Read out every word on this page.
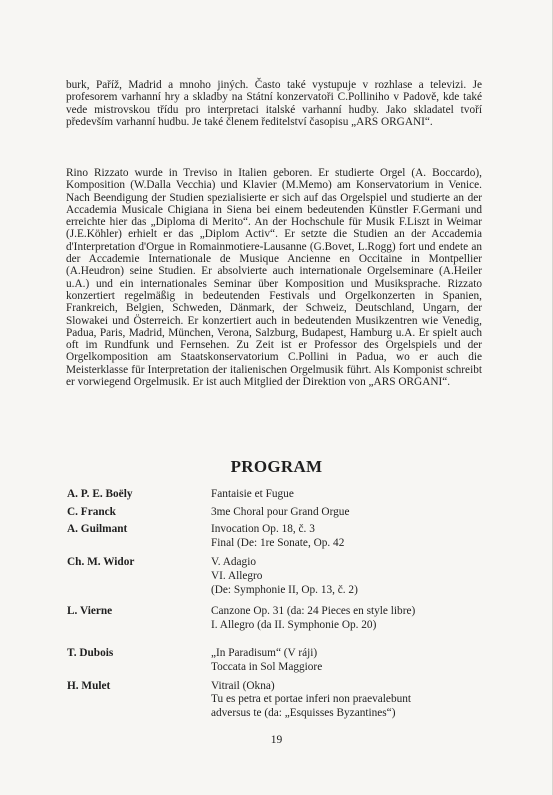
burk, Paříž, Madrid a mnoho jiných. Často také vystupuje v rozhlase a televizi. Je profesorem varhanní hry a skladby na Státní konzervatoři C.Polliniho v Padově, kde také vede mistrovskou třídu pro interpretaci italské varhanní hudby. Jako skladatel tvoří především varhanní hudbu. Je také členem ředitelství časopisu „ARS ORGANI“.

Rino Rizzato wurde in Treviso in Italien geboren. Er studierte Orgel (A. Boccardo), Komposition (W.Dalla Vecchia) und Klavier (M.Memo) am Konservatorium in Venice. Nach Beendigung der Studien spezialisierte er sich auf das Orgelspiel und studierte an der Accademia Musicale Chigiana in Siena bei einem bedeutenden Künstler F.Germani und erreichte hier das „Diploma di Merito“. An der Hochschule für Musik F.Liszt in Weimar (J.E.Köhler) erhielt er das „Diplom Activ“. Er setzte die Studien an der Accademia d'Interpretation d'Orgue in Romainmotiere-Lausanne (G.Bovet, L.Rogg) fort und endete an der Accademie Internationale de Musique Ancienne en Occitaine in Montpellier (A.Heudron) seine Studien. Er absolvierte auch internationale Orgelseminare (A.Heiler u.A.) und ein internationales Seminar über Komposition und Musiksprache. Rizzato konzertiert regelmäßig in bedeutenden Festivals und Orgelkonzerten in Spanien, Frankreich, Belgien, Schweden, Dänmark, der Schweiz, Deutschland, Ungarn, der Slowakei und Österreich. Er konzertiert auch in bedeutenden Musikzentren wie Venedig, Padua, Paris, Madrid, München, Verona, Salzburg, Budapest, Hamburg u.A. Er spielt auch oft im Rundfunk und Fernsehen. Zu Zeit ist er Professor des Orgelspiels und der Orgelkomposition am Staatskonservatorium C.Pollini in Padua, wo er auch die Meisterklasse für Interpretation der italienischen Orgelmusik führt. Als Komponist schreibt er vorwiegend Orgelmusik. Er ist auch Mitglied der Direktion von „ARS ORGANI“.

PROGRAM
A. P. E. Boëly	Fantaisie et Fugue
C. Franck	3me Choral pour Grand Orgue
A. Guilmant	Invocation Op. 18, č. 3
Final (De: 1re Sonate, Op. 42
Ch. M. Widor	V. Adagio
VI. Allegro
(De: Symphonie II, Op. 13, č. 2)
L. Vierne	Canzone Op. 31 (da: 24 Pieces en style libre)
I. Allegro (da II. Symphonie Op. 20)
T. Dubois	„In Paradisum“ (V ráji)
Toccata in Sol Maggiore
H. Mulet	Vitrail (Okna)
Tu es petra et portae inferi non praevalebunt
adversus te (da: „Esquisses Byzantines“)
19
